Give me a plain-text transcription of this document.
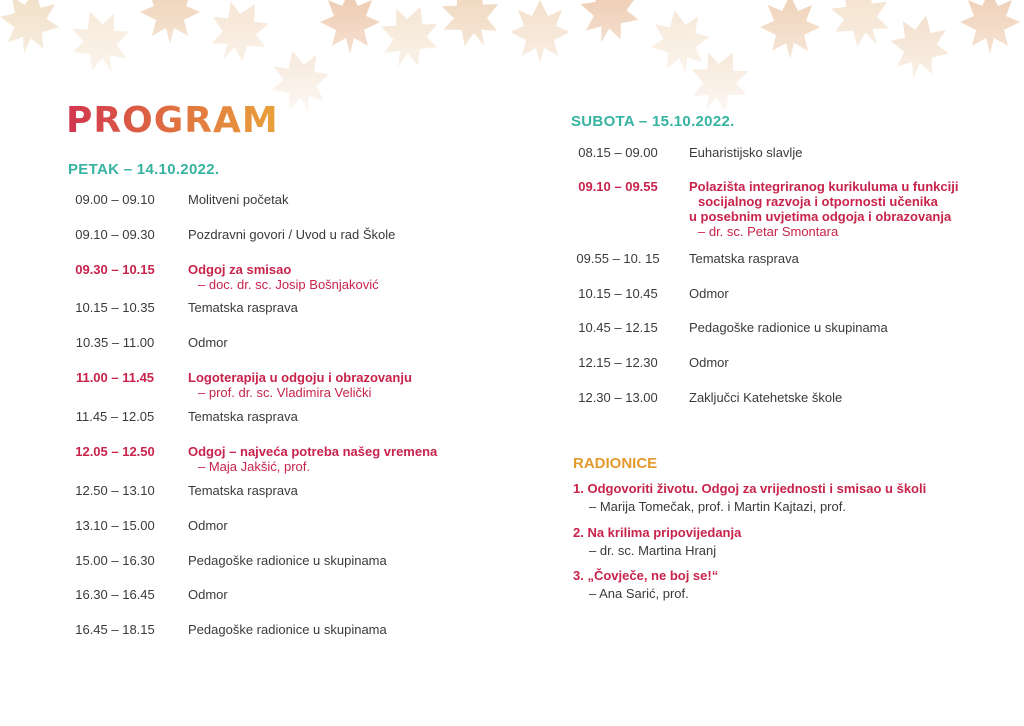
PROGRAM
PETAK – 14.10.2022.
09.00 – 09.10	Molitveni početak
09.10 – 09.30	Pozdravni govori / Uvod u rad Škole
09.30 – 10.15	Odgoj za smisao
– doc. dr. sc. Josip Bošnjaković
10.15 – 10.35	Tematska rasprava
10.35 – 11.00	Odmor
11.00 – 11.45	Logoterapija u odgoju i obrazovanju
– prof. dr. sc. Vladimira Velički
11.45 – 12.05	Tematska rasprava
12.05 – 12.50	Odgoj – najveća potreba našeg vremena
– Maja Jakšić, prof.
12.50 – 13.10	Tematska rasprava
13.10 – 15.00	Odmor
15.00 – 16.30	Pedagoške radionice u skupinama
16.30 – 16.45	Odmor
16.45 – 18.15	Pedagoške radionice u skupinama
SUBOTA – 15.10.2022.
08.15 – 09.00	Euharistijsko slavlje
09.10 – 09.55	Polazišta integriranog kurikuluma u funkciji
socijalnog razvoja i otpornosti učenika
u posebnim uvjetima odgoja i obrazovanja
– dr. sc. Petar Smontara
09.55 – 10. 15	Tematska rasprava
10.15 – 10.45	Odmor
10.45 – 12.15	Pedagoške radionice u skupinama
12.15 – 12.30	Odmor
12.30 – 13.00	Zaključci Katehetske škole
RADIONICE
1. Odgovoriti životu. Odgoj za vrijednosti i smisao u školi
– Marija Tomečak, prof. i Martin Kajtazi, prof.
2. Na krilima pripovijedanja
– dr. sc. Martina Hranj
3. „Čovječe, ne boj se!“
– Ana Sarić, prof.
